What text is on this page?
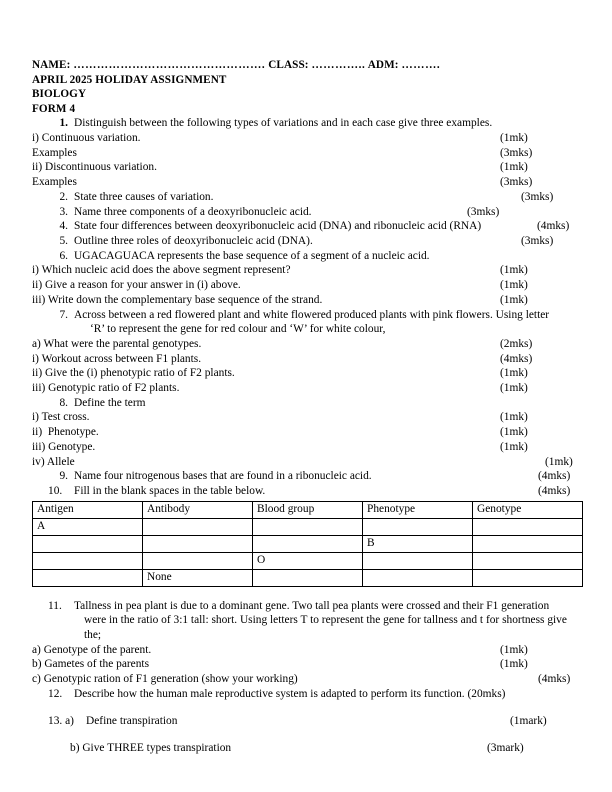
NAME: …………………………………………. CLASS: ………….. ADM: ……….
APRIL 2025 HOLIDAY ASSIGNMENT
BIOLOGY
FORM 4
1. Distinguish between the following types of variations and in each case give three examples.
i) Continuous variation.	(1mk)
Examples	(3mks)
ii) Discontinuous variation.	(1mk)
Examples	(3mks)
2. State three causes of variation.	(3mks)
3. Name three components of a deoxyribonucleic acid.	(3mks)
4. State four differences between deoxyribonucleic acid (DNA) and ribonucleic acid (RNA)	(4mks)
5. Outline three roles of deoxyribonucleic acid (DNA).	(3mks)
6. UGACAGUACA represents the base sequence of a segment of a nucleic acid.
i) Which nucleic acid does the above segment represent?	(1mk)
ii) Give a reason for your answer in (i) above.	(1mk)
iii) Write down the complementary base sequence of the strand.	(1mk)
7. Across between a red flowered plant and white flowered produced plants with pink flowers. Using letter
‘R’ to represent the gene for red colour and ‘W’ for white colour,
a) What were the parental genotypes.	(2mks)
i) Workout across between F1 plants.	(4mks)
ii) Give the (i) phenotypic ratio of F2 plants.	(1mk)
iii) Genotypic ratio of F2 plants.	(1mk)
8. Define the term
i) Test cross.	(1mk)
ii)  Phenotype.	(1mk)
iii) Genotype.	(1mk)
iv) Allele	(1mk)
9. Name four nitrogenous bases that are found in a ribonucleic acid.	(4mks)
10.	Fill in the blank spaces in the table below.	(4mks)
Antigen	Antibody	Blood group	Phenotype	Genotype
A				
			B	
		O		
	None			
11.	Tallness in pea plant is due to a dominant gene. Two tall pea plants were crossed and their F1 generation
were in the ratio of 3:1 tall: short. Using letters T to represent the gene for tallness and t for shortness give
the;
a) Genotype of the parent.	(1mk)
b) Gametes of the parents	(1mk)
c) Genotypic ration of F1 generation (show your working)	(4mks)
12.	Describe how the human male reproductive system is adapted to perform its function. (20mks)
13. a)	Define transpiration	(1mark)
b) Give THREE types transpiration	(3mark)
